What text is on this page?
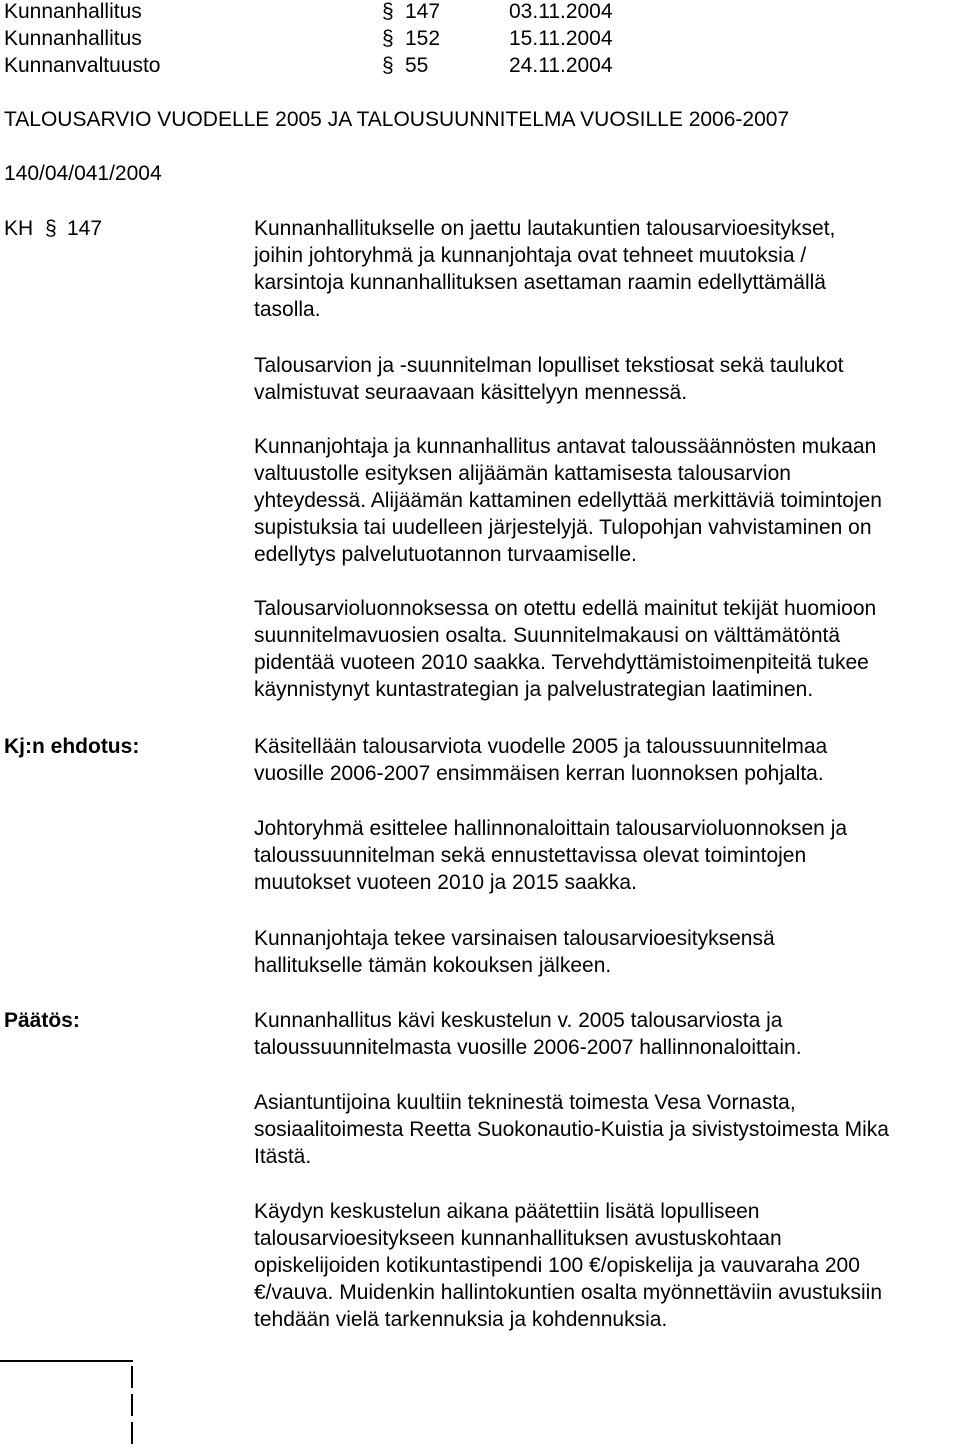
Kunnanhallitus	§ 147	03.11.2004
Kunnanhallitus	§ 152	15.11.2004
Kunnanvaltuusto	§ 55	24.11.2004
TALOUSARVIO VUODELLE 2005 JA TALOUSUUNNITELMA VUOSILLE 2006-2007
140/04/041/2004
KH § 147	Kunnanhallitukselle on jaettu lautakuntien talousarvioesitykset,

joihin johtoryhmä ja kunnanjohtaja ovat tehneet muutoksia /

karsintoja kunnanhallituksen asettaman raamin edellyttämällä

tasolla.

Talousarvion ja -suunnitelman lopulliset tekstiosat sekä taulukot

valmistuvat seuraavaan käsittelyyn mennessä.

Kunnanjohtaja ja kunnanhallitus antavat taloussäännösten mukaan

valtuustolle esityksen alijäämän kattamisesta talousarvion

yhteydessä. Alijäämän kattaminen edellyttää merkittäviä toimintojen

supistuksia tai uudelleen järjestelyjä. Tulopohjan vahvistaminen on

edellytys palvelutuotannon turvaamiselle.

Talousarvioluonnoksessa on otettu edellä mainitut tekijät huomioon

suunnitelmavuosien osalta. Suunnitelmakausi on välttämätöntä

pidentää vuoteen 2010 saakka. Tervehdyttämistoimenpiteitä tukee

käynnistynyt kuntastrategian ja palvelustrategian laatiminen.

Kj:n ehdotus:	Käsitellään talousarviota vuodelle 2005 ja taloussuunnitelmaa

vuosille 2006-2007 ensimmäisen kerran luonnoksen pohjalta.

Johtoryhmä esittelee hallinnonaloittain talousarvioluonnoksen ja

taloussuunnitelman sekä ennustettavissa olevat toimintojen

muutokset vuoteen 2010 ja 2015 saakka.

Kunnanjohtaja tekee varsinaisen talousarvioesityksensä

hallitukselle tämän kokouksen jälkeen.

Päätös:	Kunnanhallitus kävi keskustelun v. 2005 talousarviosta ja

taloussuunnitelmasta vuosille 2006-2007 hallinnonaloittain.

Asiantuntijoina kuultiin tekninestä toimesta Vesa Vornasta,

sosiaalitoimesta Reetta Suokonautio-Kuistia ja sivistystoimesta Mika

Itästä.

Käydyn keskustelun aikana päätettiin lisätä lopulliseen

talousarvioesitykseen kunnanhallituksen avustuskohtaan

opiskelijoiden kotikuntastipendi 100 €/opiskelija ja vauvaraha 200

€/vauva. Muidenkin hallintokuntien osalta myönnettäviin avustuksiin

tehdään vielä tarkennuksia ja kohdennuksia.
